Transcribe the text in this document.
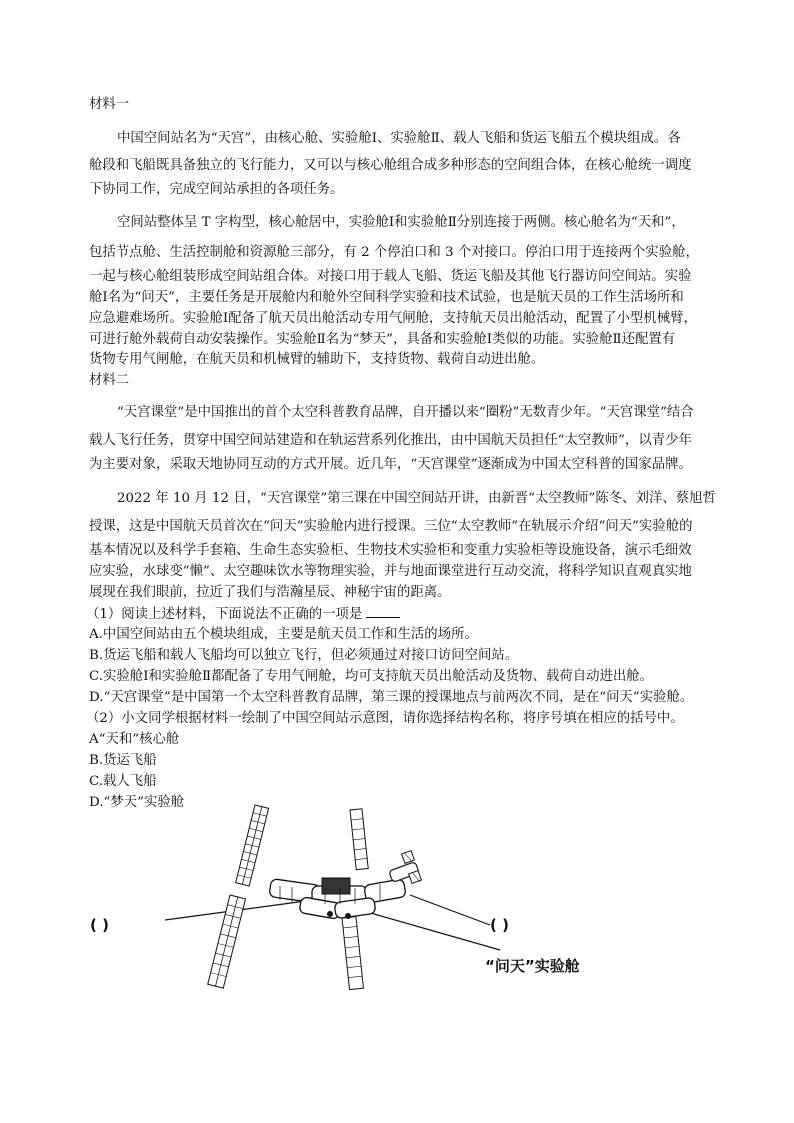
材料一
中国空间站名为“天宫”，由核心舱、实验舱Ⅰ、实验舱Ⅱ、载人飞船和货运飞船五个模块组成。各
舱段和飞船既具备独立的飞行能力，又可以与核心舱组合成多种形态的空间组合体，在核心舱统一调度
下协同工作，完成空间站承担的各项任务。
空间站整体呈 T 字构型，核心舱居中，实验舱Ⅰ和实验舱Ⅱ分别连接于两侧。核心舱名为“天和”，
包括节点舱、生活控制舱和资源舱三部分，有 2 个停泊口和 3 个对接口。停泊口用于连接两个实验舱，
一起与核心舱组装形成空间站组合体。对接口用于载人飞船、货运飞船及其他飞行器访问空间站。实验
舱Ⅰ名为“问天”，主要任务是开展舱内和舱外空间科学实验和技术试验，也是航天员的工作生活场所和
应急避难场所。实验舱Ⅰ配备了航天员出舱活动专用气闸舱，支持航天员出舱活动，配置了小型机械臂，
可进行舱外载荷自动安装操作。实验舱Ⅱ名为“梦天”，具备和实验舱Ⅰ类似的功能。实验舱Ⅱ还配置有
货物专用气闸舱，在航天员和机械臂的辅助下，支持货物、载荷自动进出舱。
材料二
“天宫课堂”是中国推出的首个太空科普教育品牌，自开播以来“圈粉”无数青少年。“天宫课堂”结合
载人飞行任务，贯穿中国空间站建造和在轨运营系列化推出，由中国航天员担任“太空教师”，以青少年
为主要对象，采取天地协同互动的方式开展。近几年，“天宫课堂”逐渐成为中国太空科普的国家品牌。
2022 年 10 月 12 日，“天宫课堂”第三课在中国空间站开讲，由新晋“太空教师”陈冬、刘洋、蔡旭哲
授课，这是中国航天员首次在“问天”实验舱内进行授课。三位“太空教师”在轨展示介绍“问天”实验舱的
基本情况以及科学手套箱、生命生态实验柜、生物技术实验柜和变重力实验柜等设施设备，演示毛细效
应实验，水球变“懒”、太空趣味饮水等物理实验，并与地面课堂进行互动交流，将科学知识直观真实地
展现在我们眼前，拉近了我们与浩瀚星辰、神秘宇宙的距离。
（1）阅读上述材料，下面说法不正确的一项是
A.中国空间站由五个模块组成，主要是航天员工作和生活的场所。
B.货运飞船和载人飞船均可以独立飞行，但必须通过对接口访问空间站。
C.实验舱Ⅰ和实验舱Ⅱ都配备了专用气闸舱，均可支持航天员出舱活动及货物、载荷自动进出舱。
D.“天宫课堂”是中国第一个太空科普教育品牌，第三课的授课地点与前两次不同，是在“问天”实验舱。
（2）小文同学根据材料一绘制了中国空间站示意图，请你选择结构名称，将序号填在相应的括号中。
A“天和”核心舱
B.货运飞船
C.载人飞船
D.“梦天”实验舱
( )	( )
“问天”实验舱
